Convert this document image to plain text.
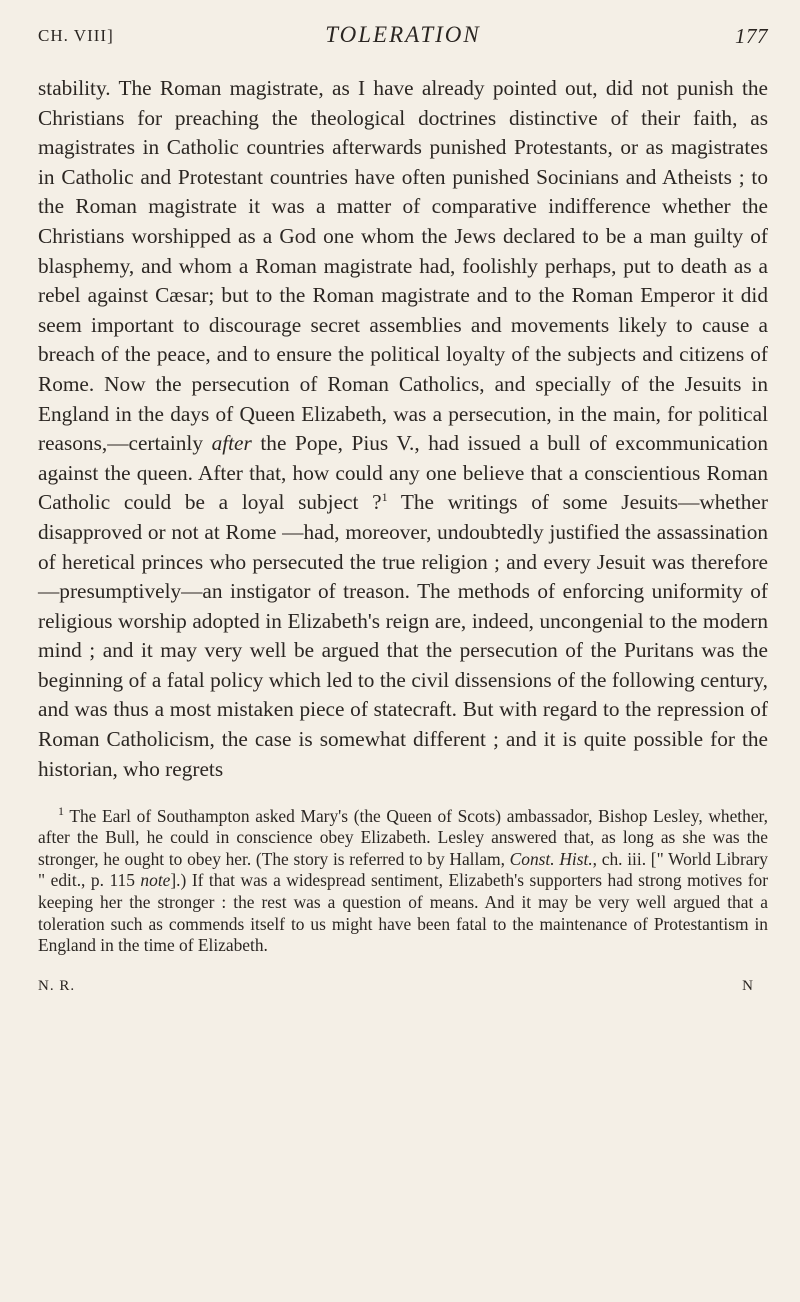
CH. VIII]	TOLERATION	177

stability. The Roman magistrate, as I have already pointed out, did not punish the Christians for preaching the theological doctrines distinctive of their faith, as magistrates in Catholic countries afterwards punished Protestants, or as magistrates in Catholic and Protestant countries have often punished Socinians and Atheists ; to the Roman magistrate it was a matter of comparative indifference whether the Christians worshipped as a God one whom the Jews declared to be a man guilty of blasphemy, and whom a Roman magistrate had, foolishly perhaps, put to death as a rebel against Cæsar; but to the Roman magistrate and to the Roman Emperor it did seem important to discourage secret assemblies and movements likely to cause a breach of the peace, and to ensure the political loyalty of the subjects and citizens of Rome. Now the persecution of Roman Catholics, and specially of the Jesuits in England in the days of Queen Elizabeth, was a persecution, in the main, for political reasons,—certainly after the Pope, Pius V., had issued a bull of excommunication against the queen. After that, how could any one believe that a conscientious Roman Catholic could be a loyal subject ?$^1$ The writings of some Jesuits—whether disapproved or not at Rome —had, moreover, undoubtedly justified the assassination of heretical princes who persecuted the true religion ; and every Jesuit was therefore—presumptively—an instigator of treason. The methods of enforcing uniformity of religious worship adopted in Elizabeth's reign are, indeed, uncongenial to the modern mind ; and it may very well be argued that the persecution of the Puritans was the beginning of a fatal policy which led to the civil dissensions of the following century, and was thus a most mistaken piece of statecraft. But with regard to the repression of Roman Catholicism, the case is somewhat different ; and it is quite possible for the historian, who regrets

$^1$ The Earl of Southampton asked Mary's (the Queen of Scots) ambassador, Bishop Lesley, whether, after the Bull, he could in conscience obey Elizabeth. Lesley answered that, as long as she was the stronger, he ought to obey her. (The story is referred to by Hallam, Const. Hist., ch. iii. [" World Library " edit., p. 115 note].) If that was a widespread sentiment, Elizabeth's supporters had strong motives for keeping her the stronger : the rest was a question of means. And it may be very well argued that a toleration such as commends itself to us might have been fatal to the maintenance of Protestantism in England in the time of Elizabeth.

N. R.	N
